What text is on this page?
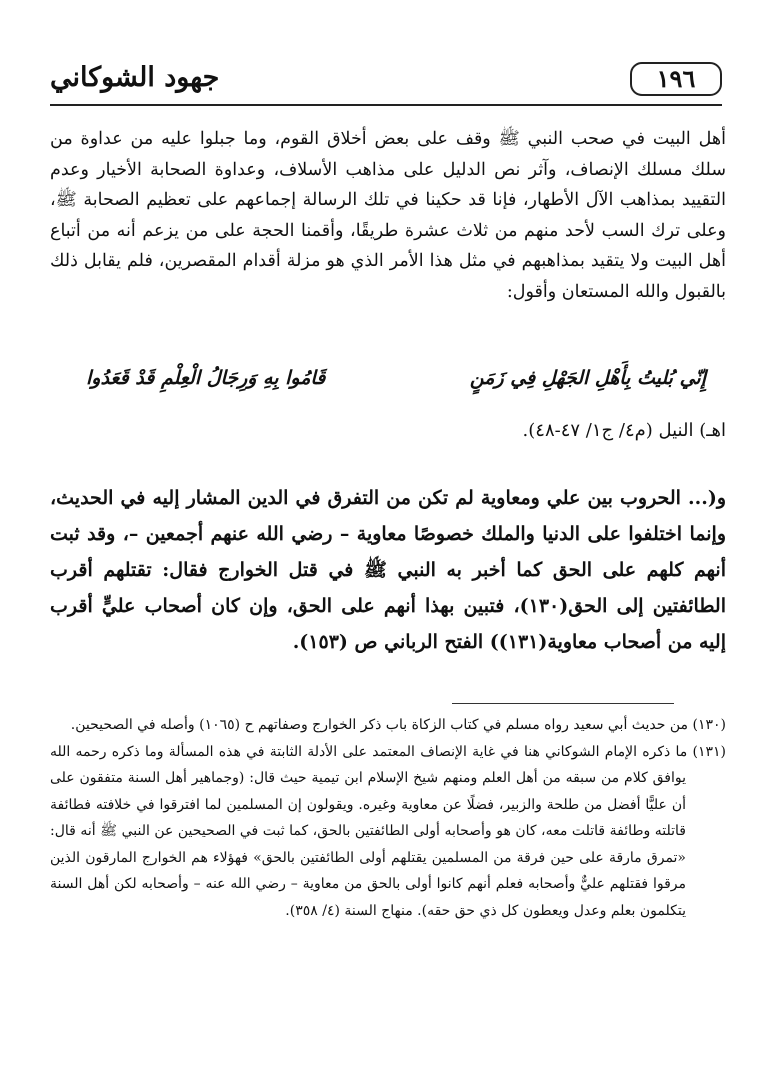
١٩٦
جهود الشوكاني

أهل البيت في صحب النبي ﷺ وقف على بعض أخلاق القوم، وما جبلوا عليه من عداوة من سلك مسلك الإنصاف، وآثر نص الدليل على مذاهب الأسلاف، وعداوة الصحابة الأخيار وعدم التقييد بمذاهب الآل الأطهار، فإنا قد حكينا في تلك الرسالة إجماعهم على تعظيم الصحابة ﷺ، وعلى ترك السب لأحد منهم من ثلاث عشرة طريقًا، وأقمنا الحجة على من يزعم أنه من أتباع أهل البيت ولا يتقيد بمذاهبهم في مثل هذا الأمر الذي هو مزلة أقدام المقصرين، فلم يقابل ذلك بالقبول والله المستعان وأقول:

إِنّي بُليتُ بِأَهْلِ الجَهْلِ فِي زَمَنٍ
قَامُوا بِهِ وَرِجَالُ الْعِلْمِ قَدْ قَعَدُوا

اهـ) النيل (م٤/ ج١/ ٤٧-٤٨).

و(... الحروب بين علي ومعاوية لم تكن من التفرق في الدين المشار إليه في الحديث، وإنما اختلفوا على الدنيا والملك خصوصًا معاوية – رضي الله عنهم أجمعين –، وقد ثبت أنهم كلهم على الحق كما أخبر به النبي ﷺ في قتل الخوارج فقال: تقتلهم أقرب الطائفتين إلى الحق(١٣٠)، فتبين بهذا أنهم على الحق، وإن كان أصحاب عليٍّ أقرب إليه من أصحاب معاوية(١٣١)) الفتح الرباني ص (١٥٣).

(١٣٠) من حديث أبي سعيد رواه مسلم في كتاب الزكاة باب ذكر الخوارج وصفاتهم ح (١٠٦٥) وأصله في الصحيحين.

(١٣١) ما ذكره الإمام الشوكاني هنا في غاية الإنصاف المعتمد على الأدلة الثابتة في هذه المسألة وما ذكره رحمه الله يوافق كلام من سبقه من أهل العلم ومنهم شيخ الإسلام ابن تيمية حيث قال: (وجماهير أهل السنة متفقون على أن عليًّا أفضل من طلحة والزبير، فضلًا عن معاوية وغيره. ويقولون إن المسلمين لما افترقوا في خلافته فطائفة قاتلته وطائفة قاتلت معه، كان هو وأصحابه أولى الطائفتين بالحق، كما ثبت في الصحيحين عن النبي ﷺ أنه قال: «تمرق مارقة على حين فرقة من المسلمين يقتلهم أولى الطائفتين بالحق» فهؤلاء هم الخوارج المارقون الذين مرقوا فقتلهم عليٌّ وأصحابه فعلم أنهم كانوا أولى بالحق من معاوية – رضي الله عنه – وأصحابه لكن أهل السنة يتكلمون بعلم وعدل ويعطون كل ذي حق حقه). منهاج السنة (٤/ ٣٥٨).
